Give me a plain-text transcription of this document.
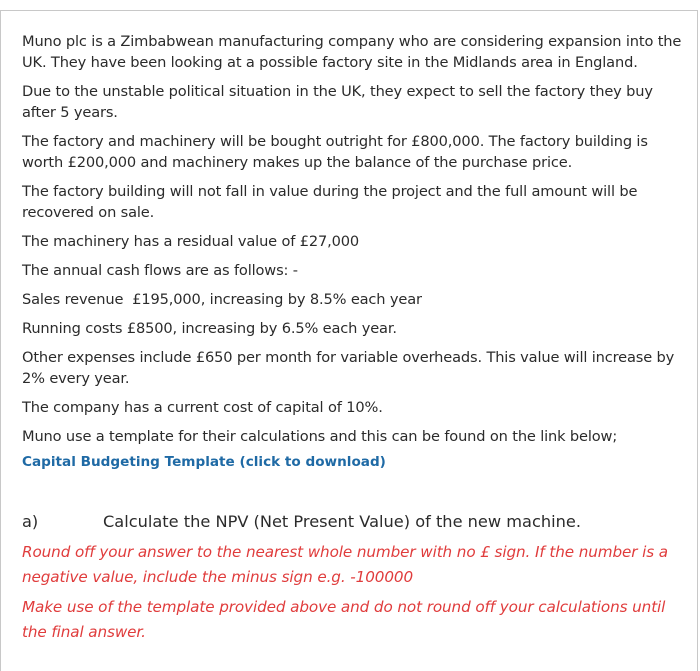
Muno plc is a Zimbabwean manufacturing company who are considering expansion into the UK. They have been looking at a possible factory site in the Midlands area in England.

Due to the unstable political situation in the UK, they expect to sell the factory they buy after 5 years.

The factory and machinery will be bought outright for £800,000. The factory building is worth £200,000 and machinery makes up the balance of the purchase price.

The factory building will not fall in value during the project and the full amount will be recovered on sale.

The machinery has a residual value of £27,000

The annual cash flows are as follows: -

Sales revenue  £195,000, increasing by 8.5% each year

Running costs £8500, increasing by 6.5% each year.

Other expenses include £650 per month for variable overheads. This value will increase by 2% every year.

The company has a current cost of capital of 10%.

Muno use a template for their calculations and this can be found on the link below;

Capital Budgeting Template (click to download)
a)	Calculate the NPV (Net Present Value) of the new machine.

Round off your answer to the nearest whole number with no £ sign. If the number is a negative value, include the minus sign e.g. -100000

Make use of the template provided above and do not round off your calculations until the final answer.
